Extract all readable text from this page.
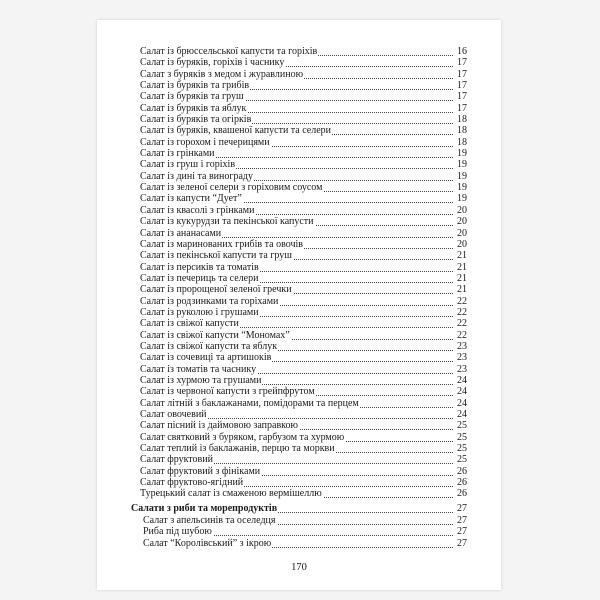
Салат із брюссельської капусти та горіхів	16
Салат із буряків, горіхів і часнику	17
Салат з буряків з медом і журавлиною	17
Салат із буряків та грибів	17
Салат із буряків та груш	17
Салат із буряків та яблук	17
Салат із буряків та огірків	18
Салат із буряків, квашеної капусти та селери	18
Салат із горохом і печерицями	18
Салат із грінками	19
Салат із груш і горіхів	19
Салат із дині та винограду	19
Салат із зеленої селери з горіховим соусом	19
Салат із капусти “Дует”	19
Салат із квасолі з грінками	20
Салат із кукурудзи та пекінської капусти	20
Салат із ананасами	20
Салат із маринованих грибів та овочів	20
Салат із пекінської капусти та груш	21
Салат із персиків та томатів	21
Салат із печериць та селери	21
Салат із пророщеної зеленої гречки	21
Салат із родзинками та горіхами	22
Салат із руколою і грушами	22
Салат із свіжої капусти	22
Салат із свіжої капусти “Мономах”	22
Салат із свіжої капусти та яблук	23
Салат із сочевиці та артишоків	23
Салат із томатів та часнику	23
Салат із хурмою та грушами	24
Салат із червоної капусти з грейпфрутом	24
Салат літній з баклажанами, помідорами та перцем	24
Салат овочевий	24
Салат пісний із даймовою заправкою	25
Салат святковий з буряком, гарбузом та хурмою	25
Салат теплий із баклажанів, перцю та моркви	25
Салат фруктовий	25
Салат фруктовий з фініками	26
Салат фруктово-ягідний	26
Турецький салат із смаженою вермішеллю	26
Салати з риби та морепродуктів	27
Салат з апельсинів та оселедця	27
Риба під шубою	27
Салат “Королівський” з ікрою	27
170
